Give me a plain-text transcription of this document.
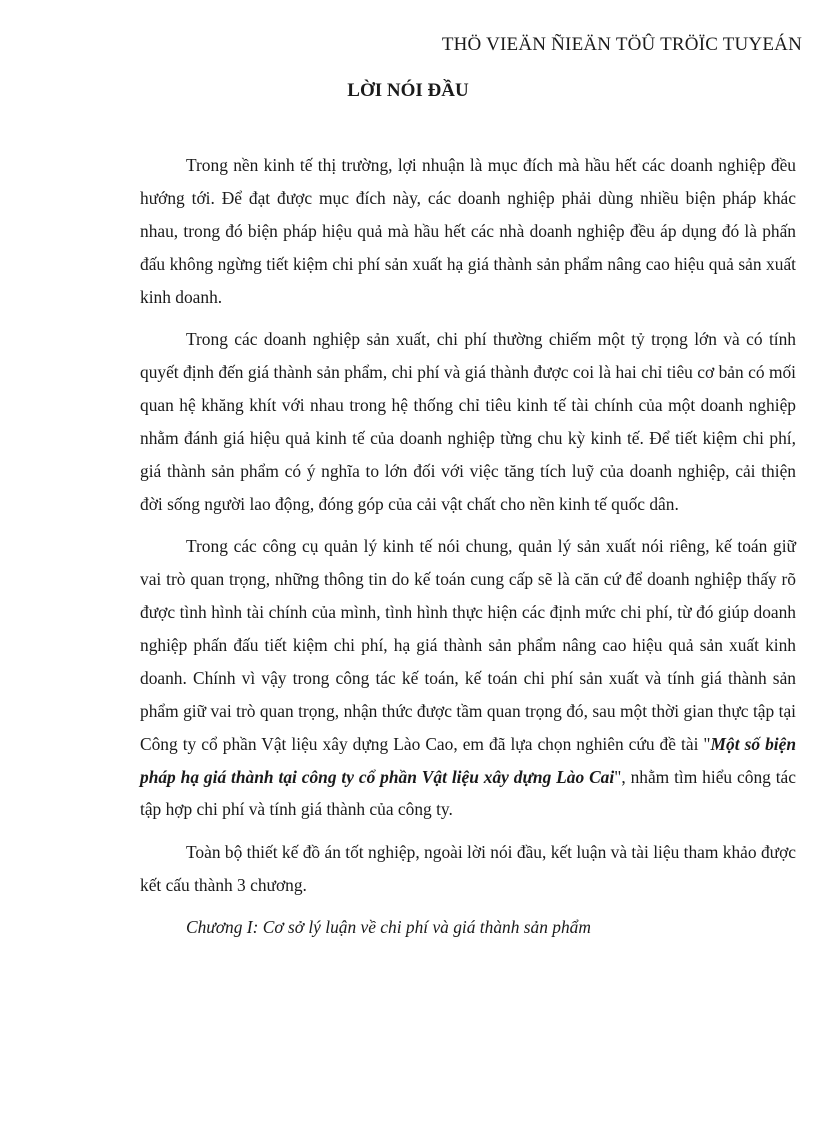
THÖ VIEÄN ÑIEÄN TÖÛ TRÖÏC TUYEÁN
LỜI NÓI ĐẦU

Trong nền kinh tế thị trường, lợi nhuận là mục đích mà hầu hết các doanh nghiệp đều hướng tới. Để đạt được mục đích này, các doanh nghiệp phải dùng nhiều biện pháp khác nhau, trong đó biện pháp hiệu quả mà hầu hết các nhà doanh nghiệp đều áp dụng đó là phấn đấu không ngừng tiết kiệm chi phí sản xuất hạ giá thành sản phẩm nâng cao hiệu quả sản xuất kinh doanh.

Trong các doanh nghiệp sản xuất, chi phí thường chiếm một tỷ trọng lớn và có tính quyết định đến giá thành sản phẩm, chi phí và giá thành được coi là hai chỉ tiêu cơ bản có mối quan hệ khăng khít với nhau trong hệ thống chỉ tiêu kinh tế tài chính của một doanh nghiệp nhằm đánh giá hiệu quả kinh tế của doanh nghiệp từng chu kỳ kinh tế. Để tiết kiệm chi phí, giá thành sản phẩm có ý nghĩa to lớn đối với việc tăng tích luỹ của doanh nghiệp, cải thiện đời sống người lao động, đóng góp của cải vật chất cho nền kinh tế quốc dân.

Trong các công cụ quản lý kinh tế nói chung, quản lý sản xuất nói riêng, kế toán giữ vai trò quan trọng, những thông tin do kế toán cung cấp sẽ là căn cứ để doanh nghiệp thấy rõ được tình hình tài chính của mình, tình hình thực hiện các định mức chi phí, từ đó giúp doanh nghiệp phấn đấu tiết kiệm chi phí, hạ giá thành sản phẩm nâng cao hiệu quả sản xuất kinh doanh. Chính vì vậy trong công tác kế toán, kế toán chi phí sản xuất và tính giá thành sản phẩm giữ vai trò quan trọng, nhận thức được tầm quan trọng đó, sau một thời gian thực tập tại Công ty cổ phần Vật liệu xây dựng Lào Cao, em đã lựa chọn nghiên cứu đề tài "Một số biện pháp hạ giá thành tại công ty cổ phần Vật liệu xây dựng Lào Cai", nhằm tìm hiểu công tác tập hợp chi phí và tính giá thành của công ty.

Toàn bộ thiết kế đồ án tốt nghiệp, ngoài lời nói đầu, kết luận và tài liệu tham khảo được kết cấu thành 3 chương.

Chương I: Cơ sở lý luận về chi phí và giá thành sản phẩm
